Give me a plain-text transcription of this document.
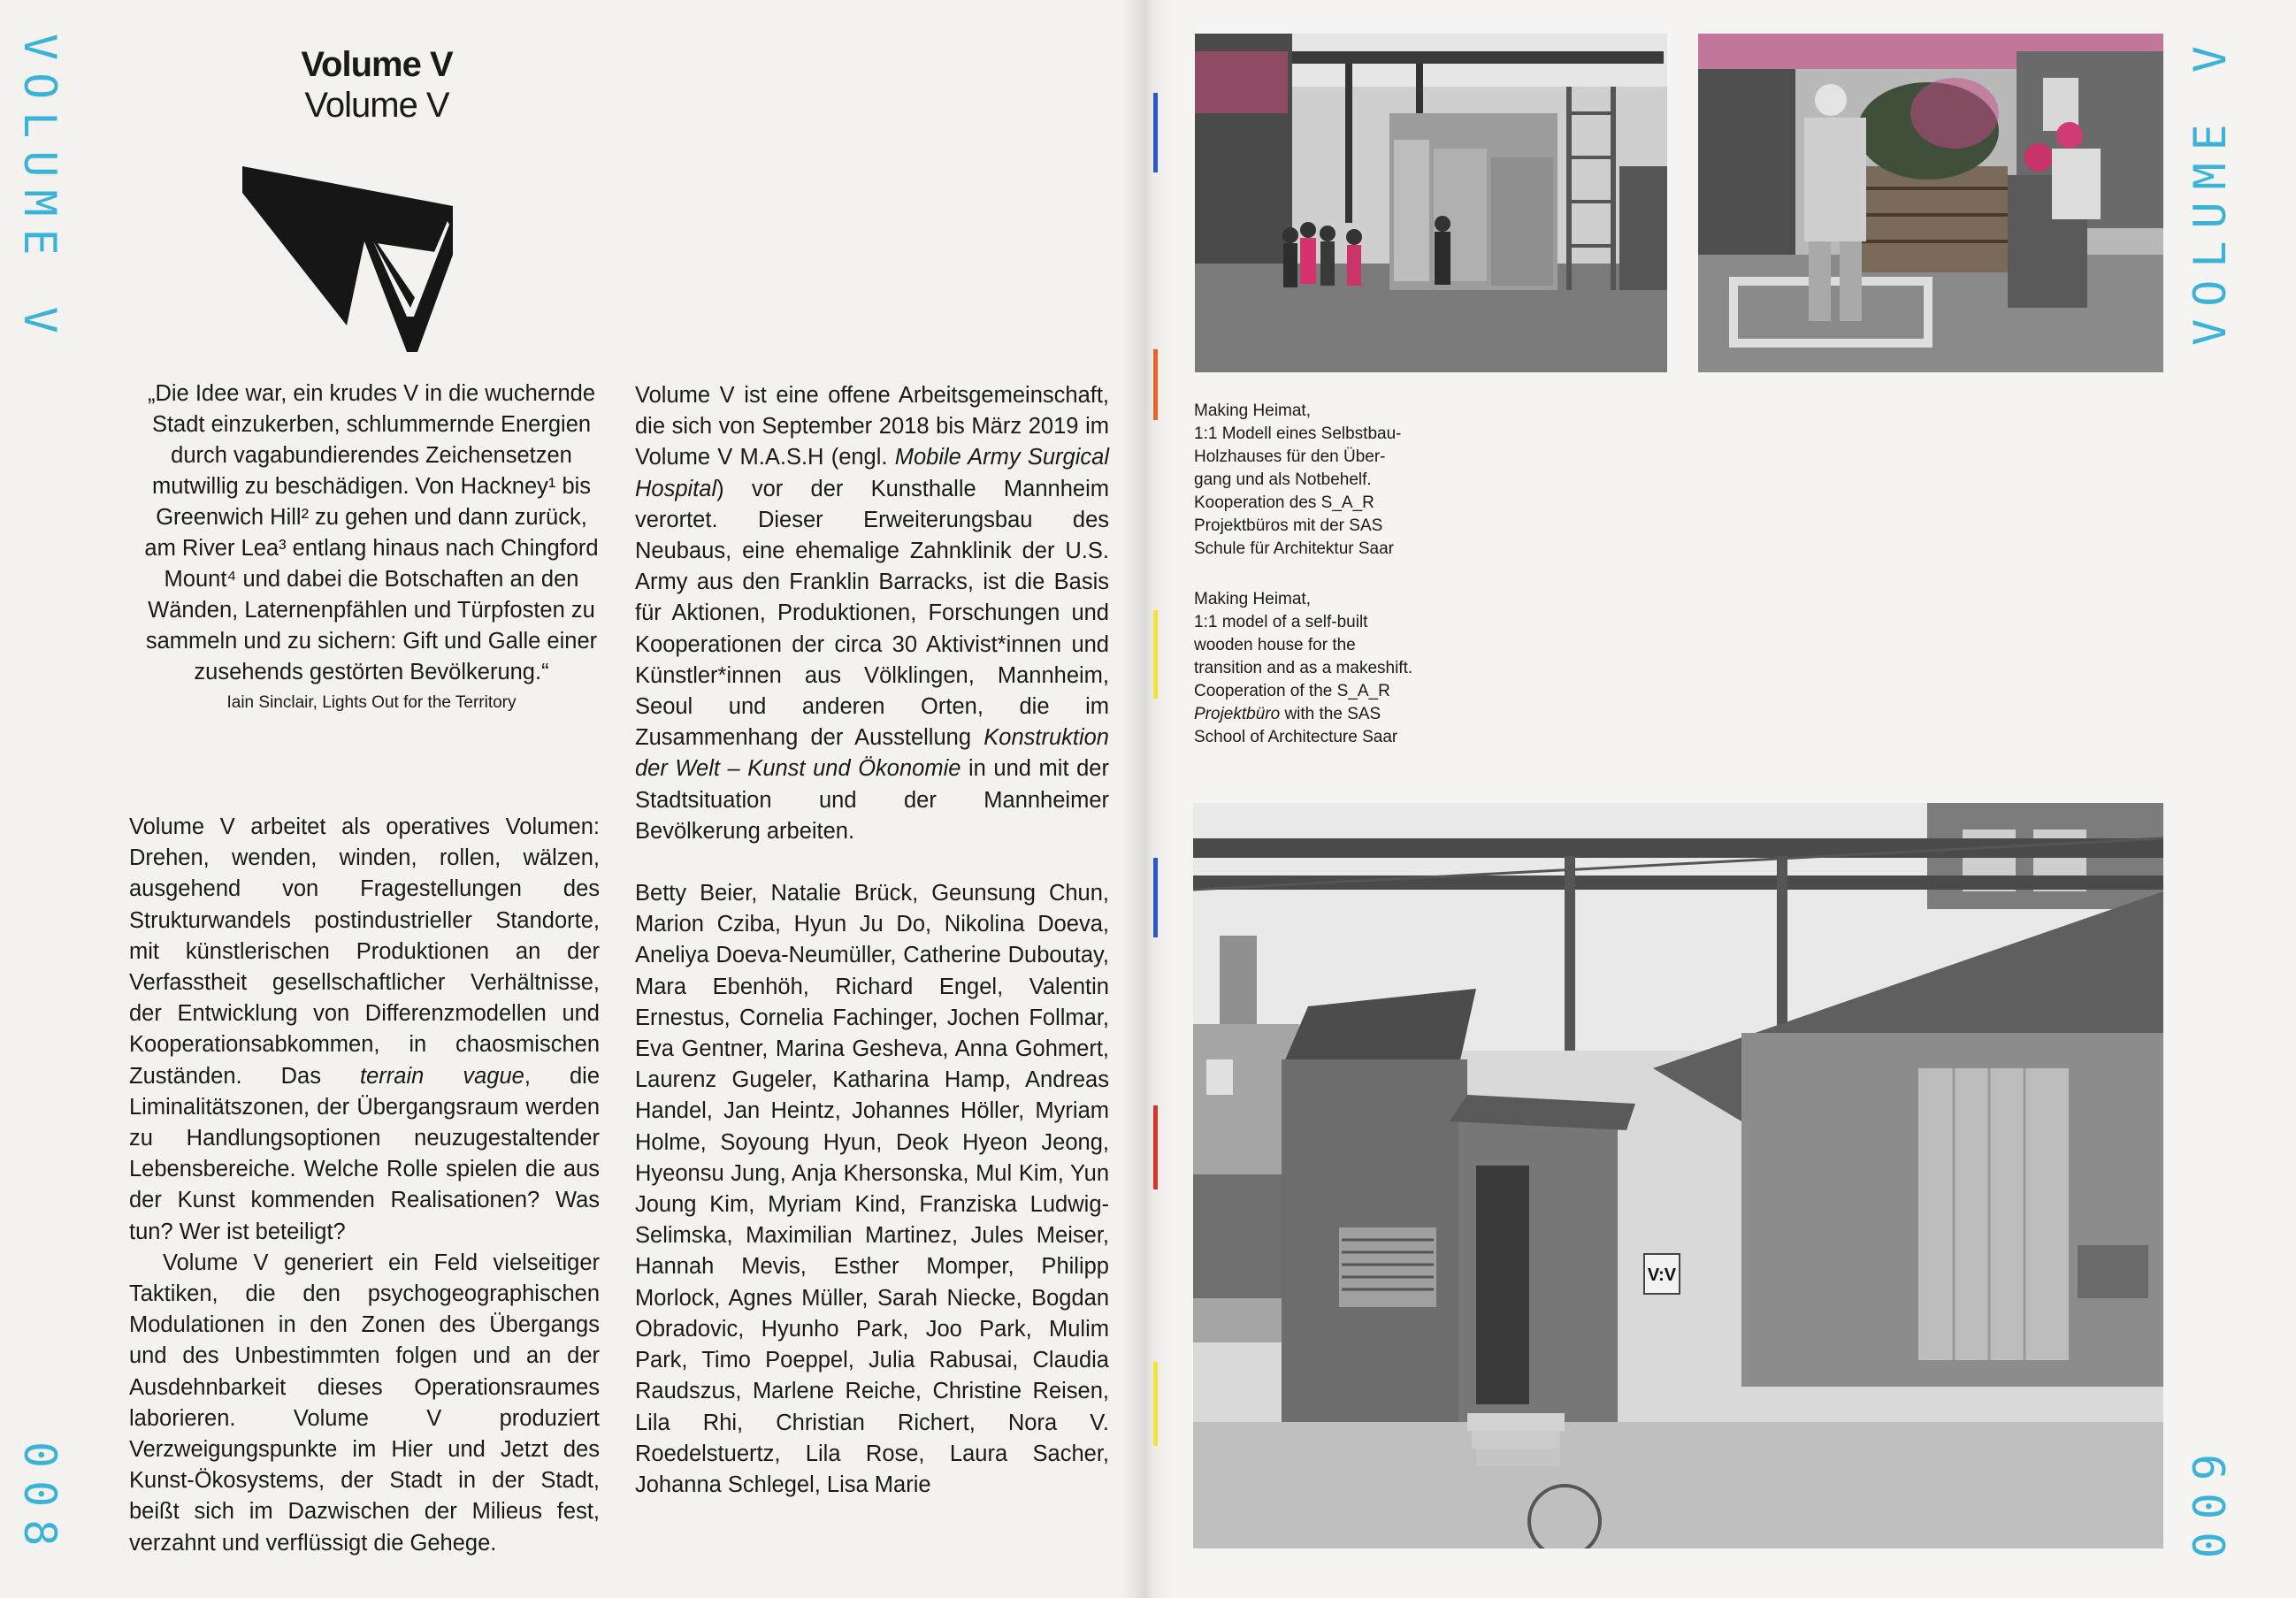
VOLUME V
008
Volume V
Volume V
„Die Idee war, ein krudes V in die wuchernde Stadt einzukerben, schlummernde Energien durch vagabundierendes Zeichensetzen mutwillig zu beschädigen. Von Hackney¹ bis Greenwich Hill² zu gehen und dann zurück, am River Lea³ entlang hinaus nach Chingford Mount⁴ und dabei die Botschaften an den Wänden, Laternenpfählen und Türpfosten zu sammeln und zu sichern: Gift und Galle einer zusehends gestörten Bevölkerung.“
Iain Sinclair, Lights Out for the Territory

Volume V arbeitet als operatives Volumen: Drehen, wenden, winden, rollen, wälzen, ausgehend von Fragestellungen des Strukturwandels postindustrieller Standorte, mit künstlerischen Produktionen an der Verfasstheit gesellschaftlicher Verhältnisse, der Entwicklung von Differenzmodellen und Kooperationsabkommen, in chaosmischen Zuständen. Das terrain vague, die Liminalitätszonen, der Übergangsraum werden zu Handlungsoptionen neuzugestaltender Lebensbereiche. Welche Rolle spielen die aus der Kunst kommenden Realisationen? Was tun? Wer ist beteiligt?

Volume V generiert ein Feld vielseitiger Taktiken, die den psychogeographischen Modulationen in den Zonen des Übergangs und des Unbestimmten folgen und an der Ausdehnbarkeit dieses Operationsraumes laborieren. Volume V produziert Verzweigungspunkte im Hier und Jetzt des Kunst-Ökosystems, der Stadt in der Stadt, beißt sich im Dazwischen der Milieus fest, verzahnt und verflüssigt die Gehege.

Volume V ist eine offene Arbeitsgemeinschaft, die sich von September 2018 bis März 2019 im Volume V M.A.S.H (engl. Mobile Army Surgical Hospital) vor der Kunsthalle Mannheim verortet. Dieser Erweiterungsbau des Neubaus, eine ehemalige Zahnklinik der U.S. Army aus den Franklin Barracks, ist die Basis für Aktionen, Produktionen, Forschungen und Kooperationen der circa 30 Aktivist*innen und Künstler*innen aus Völklingen, Mannheim, Seoul und anderen Orten, die im Zusammenhang der Ausstellung Konstruktion der Welt – Kunst und Ökonomie in und mit der Stadtsituation und der Mannheimer Bevölkerung arbeiten.

Betty Beier, Natalie Brück, Geunsung Chun, Marion Cziba, Hyun Ju Do, Nikolina Doeva, Aneliya Doeva-Neumüller, Catherine Duboutay, Mara Ebenhöh, Richard Engel, Valentin Ernestus, Cornelia Fachinger, Jochen Follmar, Eva Gentner, Marina Gesheva, Anna Gohmert, Laurenz Gugeler, Katharina Hamp, Andreas Handel, Jan Heintz, Johannes Höller, Myriam Holme, Soyoung Hyun, Deok Hyeon Jeong, Hyeonsu Jung, Anja Khersonska, Mul Kim, Yun Joung Kim, Myriam Kind, Franziska Ludwig-Selimska, Maximilian Martinez, Jules Meiser, Hannah Mevis, Esther Momper, Philipp Morlock, Agnes Müller, Sarah Niecke, Bogdan Obradovic, Hyunho Park, Joo Park, Mulim Park, Timo Poeppel, Julia Rabusai, Claudia Raudszus, Marlene Reiche, Christine Reisen, Lila Rhi, Christian Richert, Nora V. Roedelstuertz, Lila Rose, Laura Sacher, Johanna Schlegel, Lisa Marie

VOLUME V
009
Making Heimat,
1:1 Modell eines Selbstbau-
Holzhauses für den Über-
gang und als Notbehelf.
Kooperation des S_A_R
Projektbüros mit der SAS
Schule für Architektur Saar
Making Heimat,
1:1 model of a self-built
wooden house for the
transition and as a makeshift.
Cooperation of the S_A_R
Projektbüro with the SAS
School of Architecture Saar
V:V
